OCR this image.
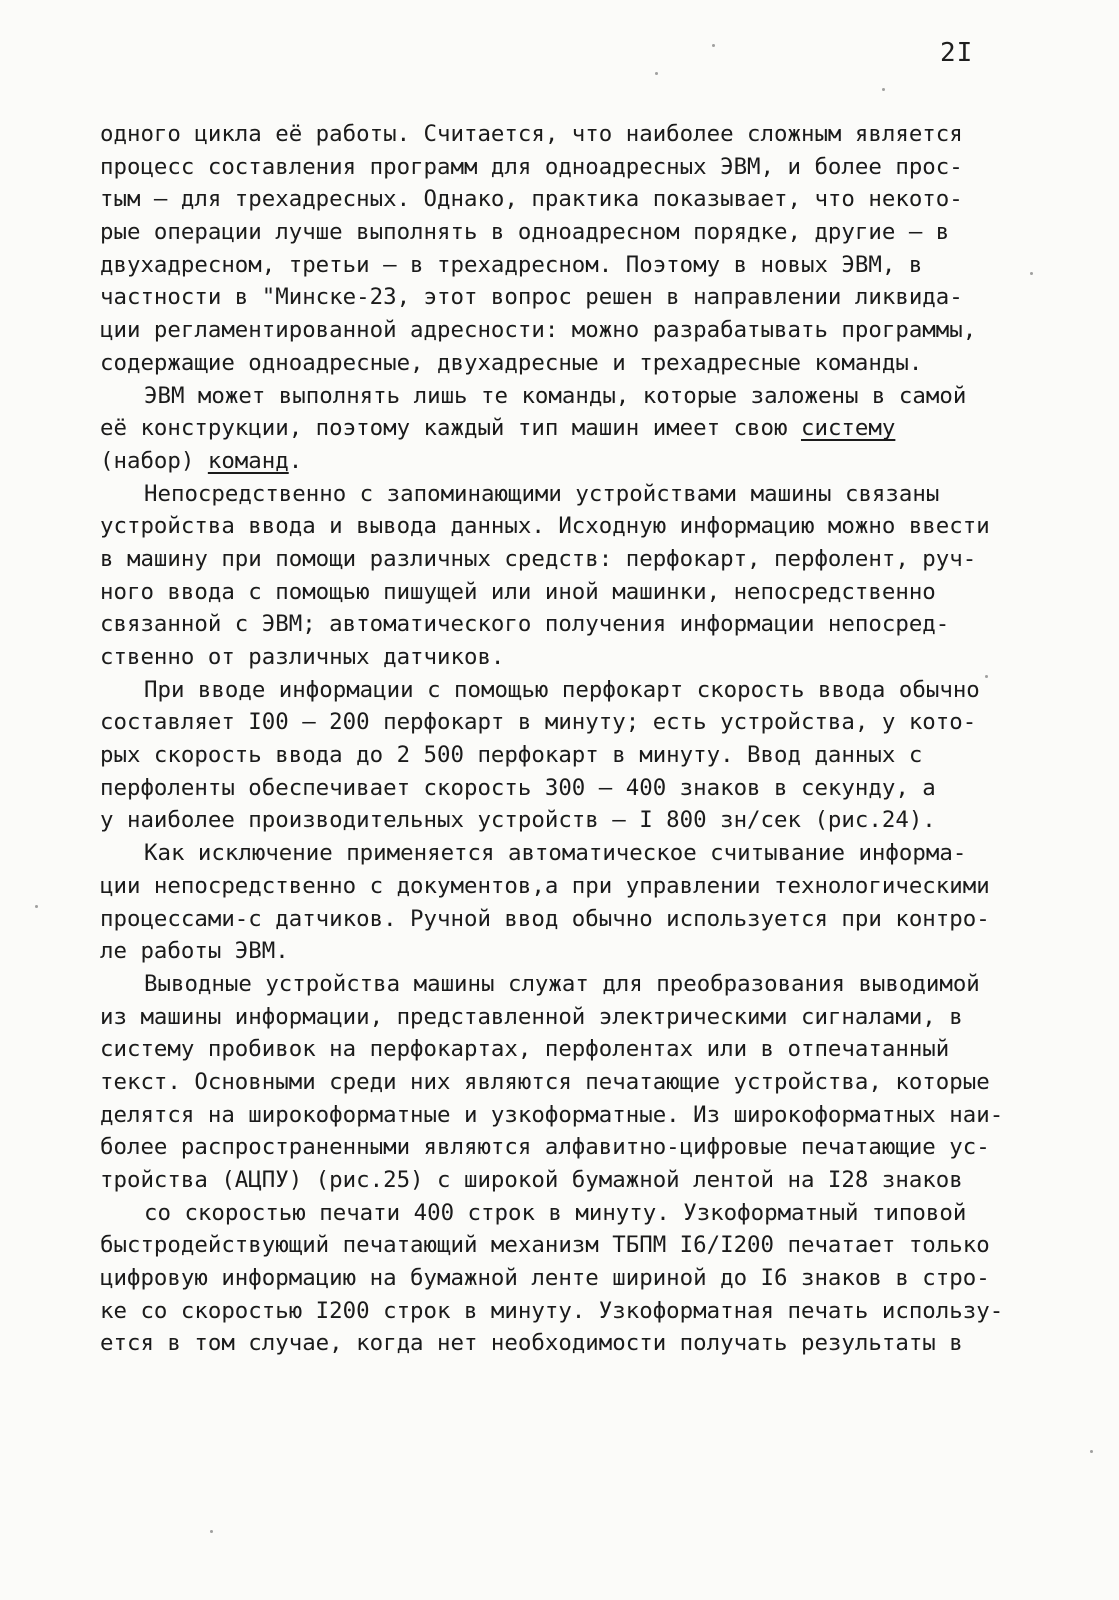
2I
одного цикла её работы. Считается, что наиболее сложным является
процесс составления программ для одноадресных ЭВМ, и более прос-
тым – для трехадресных. Однако, практика показывает, что некото-
рые операции лучше выполнять в одноадресном порядке, другие – в
двухадресном, третьи – в трехадресном. Поэтому в новых ЭВМ, в
частности в "Минске-23, этот вопрос решен в направлении ликвида-
ции регламентированной адресности: можно разрабатывать программы,
содержащие одноадресные, двухадресные и трехадресные команды.
ЭВМ может выполнять лишь те команды, которые заложены в самой
её конструкции, поэтому каждый тип машин имеет свою систему
(набор) команд.
Непосредственно с запоминающими устройствами машины связаны
устройства ввода и вывода данных. Исходную информацию можно ввести
в машину при помощи различных средств: перфокарт, перфолент, руч-
ного ввода с помощью пишущей или иной машинки, непосредственно
связанной с ЭВМ; автоматического получения информации непосред-
ственно от различных датчиков.
При вводе информации с помощью перфокарт скорость ввода обычно
составляет I00 – 200 перфокарт в минуту; есть устройства, у кото-
рых скорость ввода до 2 500 перфокарт в минуту. Ввод данных с
перфоленты обеспечивает скорость 300 – 400 знаков в секунду, а
у наиболее производительных устройств – I 800 зн/сек (рис.24).
Как исключение применяется автоматическое считывание информа-
ции непосредственно с документов,а при управлении технологическими
процессами-с датчиков. Ручной ввод обычно используется при контро-
ле работы ЭВМ.
Выводные устройства машины служат для преобразования выводимой
из машины информации, представленной электрическими сигналами, в
систему пробивок на перфокартах, перфолентах или в отпечатанный
текст. Основными среди них являются печатающие устройства, которые
делятся на широкоформатные и узкоформатные. Из широкоформатных наи-
более распространенными являются алфавитно-цифровые печатающие ус-
тройства (АЦПУ) (рис.25) с широкой бумажной лентой на I28 знаков
со скоростью печати 400 строк в минуту. Узкоформатный типовой
быстродействующий печатающий механизм ТБПМ I6/I200 печатает только
цифровую информацию на бумажной ленте шириной до I6 знаков в стро-
ке со скоростью I200 строк в минуту. Узкоформатная печать использу-
ется в том случае, когда нет необходимости получать результаты в
